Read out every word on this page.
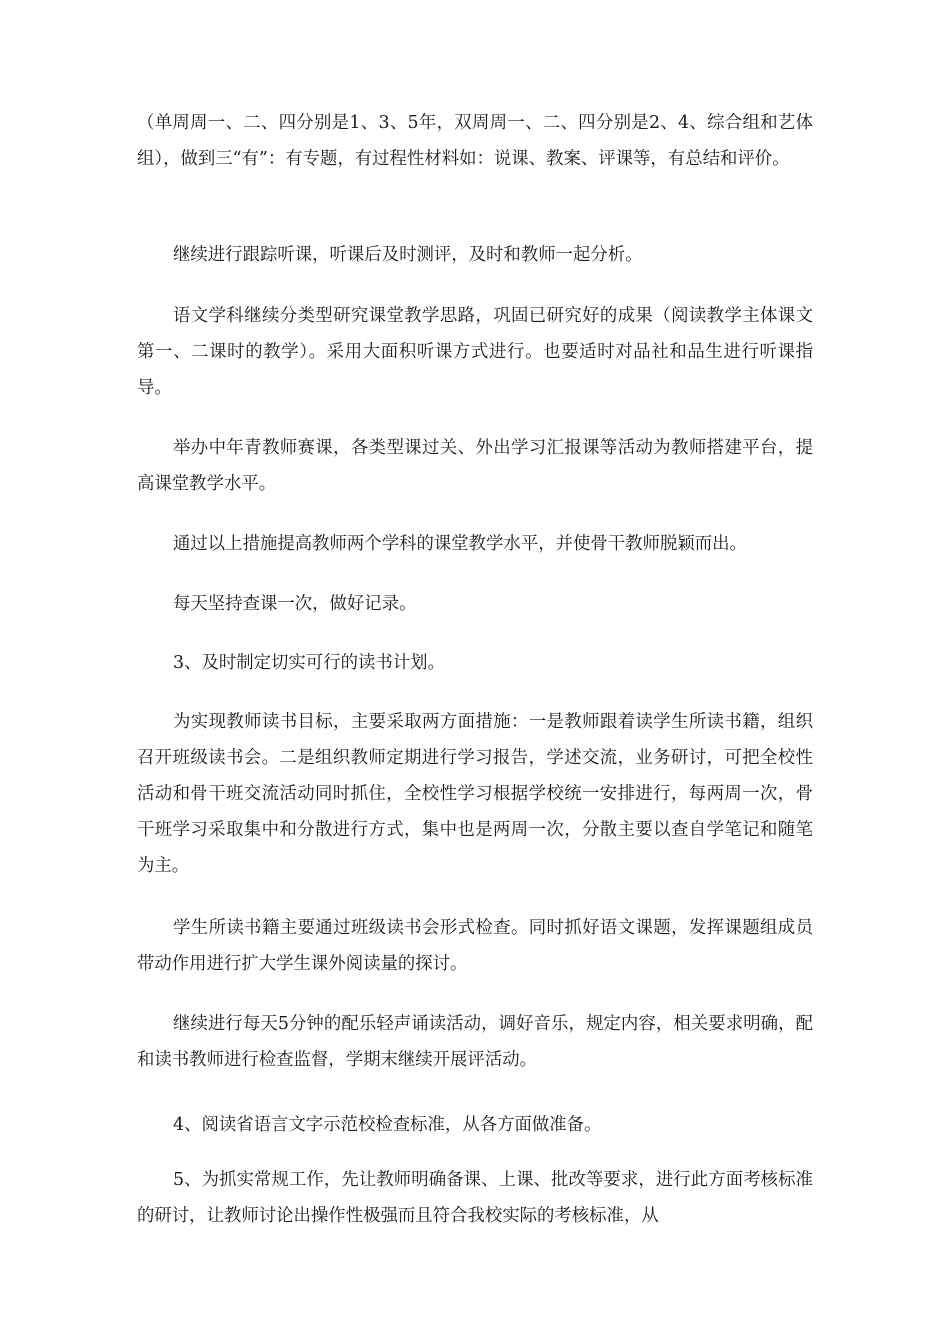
（单周周一、二、四分别是1、3、5年，双周周一、二、四分别是2、4、综合组和艺体组），做到三“有”：有专题，有过程性材料如：说课、教案、评课等，有总结和评价。

继续进行跟踪听课，听课后及时测评，及时和教师一起分析。

语文学科继续分类型研究课堂教学思路，巩固已研究好的成果（阅读教学主体课文第一、二课时的教学）。采用大面积听课方式进行。也要适时对品社和品生进行听课指导。

举办中年青教师赛课，各类型课过关、外出学习汇报课等活动为教师搭建平台，提高课堂教学水平。

通过以上措施提高教师两个学科的课堂教学水平，并使骨干教师脱颖而出。

每天坚持查课一次，做好记录。

3、及时制定切实可行的读书计划。

为实现教师读书目标，主要采取两方面措施：一是教师跟着读学生所读书籍，组织召开班级读书会。二是组织教师定期进行学习报告，学述交流，业务研讨，可把全校性活动和骨干班交流活动同时抓住，全校性学习根据学校统一安排进行，每两周一次，骨干班学习采取集中和分散进行方式，集中也是两周一次，分散主要以查自学笔记和随笔为主。

学生所读书籍主要通过班级读书会形式检查。同时抓好语文课题，发挥课题组成员带动作用进行扩大学生课外阅读量的探讨。

继续进行每天5分钟的配乐轻声诵读活动，调好音乐，规定内容，相关要求明确，配和读书教师进行检查监督，学期末继续开展评活动。

4、阅读省语言文字示范校检查标准，从各方面做准备。

5、为抓实常规工作，先让教师明确备课、上课、批改等要求，进行此方面考核标准的研讨，让教师讨论出操作性极强而且符合我校实际的考核标准，从
